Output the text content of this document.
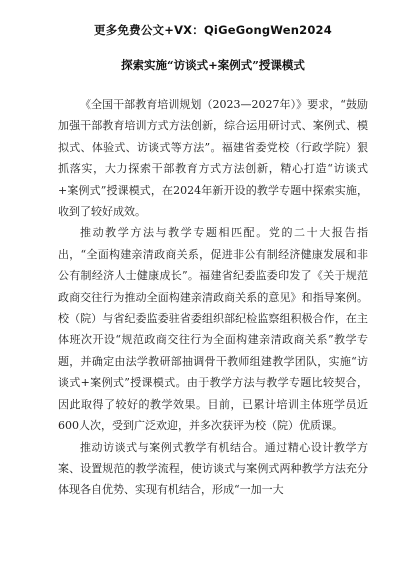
更多免费公文+VX：QiGeGongWen2024
探索实施“访谈式+案例式”授课模式

《全国干部教育培训规划（2023—2027年）》要求，“鼓励加强干部教育培训方式方法创新，综合运用研讨式、案例式、模拟式、体验式、访谈式等方法”。福建省委党校（行政学院）狠抓落实，大力探索干部教育方式方法创新，精心打造“访谈式+案例式”授课模式，在2024年新开设的教学专题中探索实施，收到了较好成效。

推动教学方法与教学专题相匹配。党的二十大报告指出，“全面构建亲清政商关系，促进非公有制经济健康发展和非公有制经济人士健康成长”。福建省纪委监委印发了《关于规范政商交往行为推动全面构建亲清政商关系的意见》和指导案例。校（院）与省纪委监委驻省委组织部纪检监察组积极合作，在主体班次开设“规范政商交往行为全面构建亲清政商关系”教学专题，并确定由法学教研部抽调骨干教师组建教学团队，实施“访谈式+案例式”授课模式。由于教学方法与教学专题比较契合，因此取得了较好的教学效果。目前，已累计培训主体班学员近600人次，受到广泛欢迎，并多次获评为校（院）优质课。

推动访谈式与案例式教学有机结合。通过精心设计教学方案、设置规范的教学流程，使访谈式与案例式两种教学方法充分体现各自优势、实现有机结合，形成“一加一大
